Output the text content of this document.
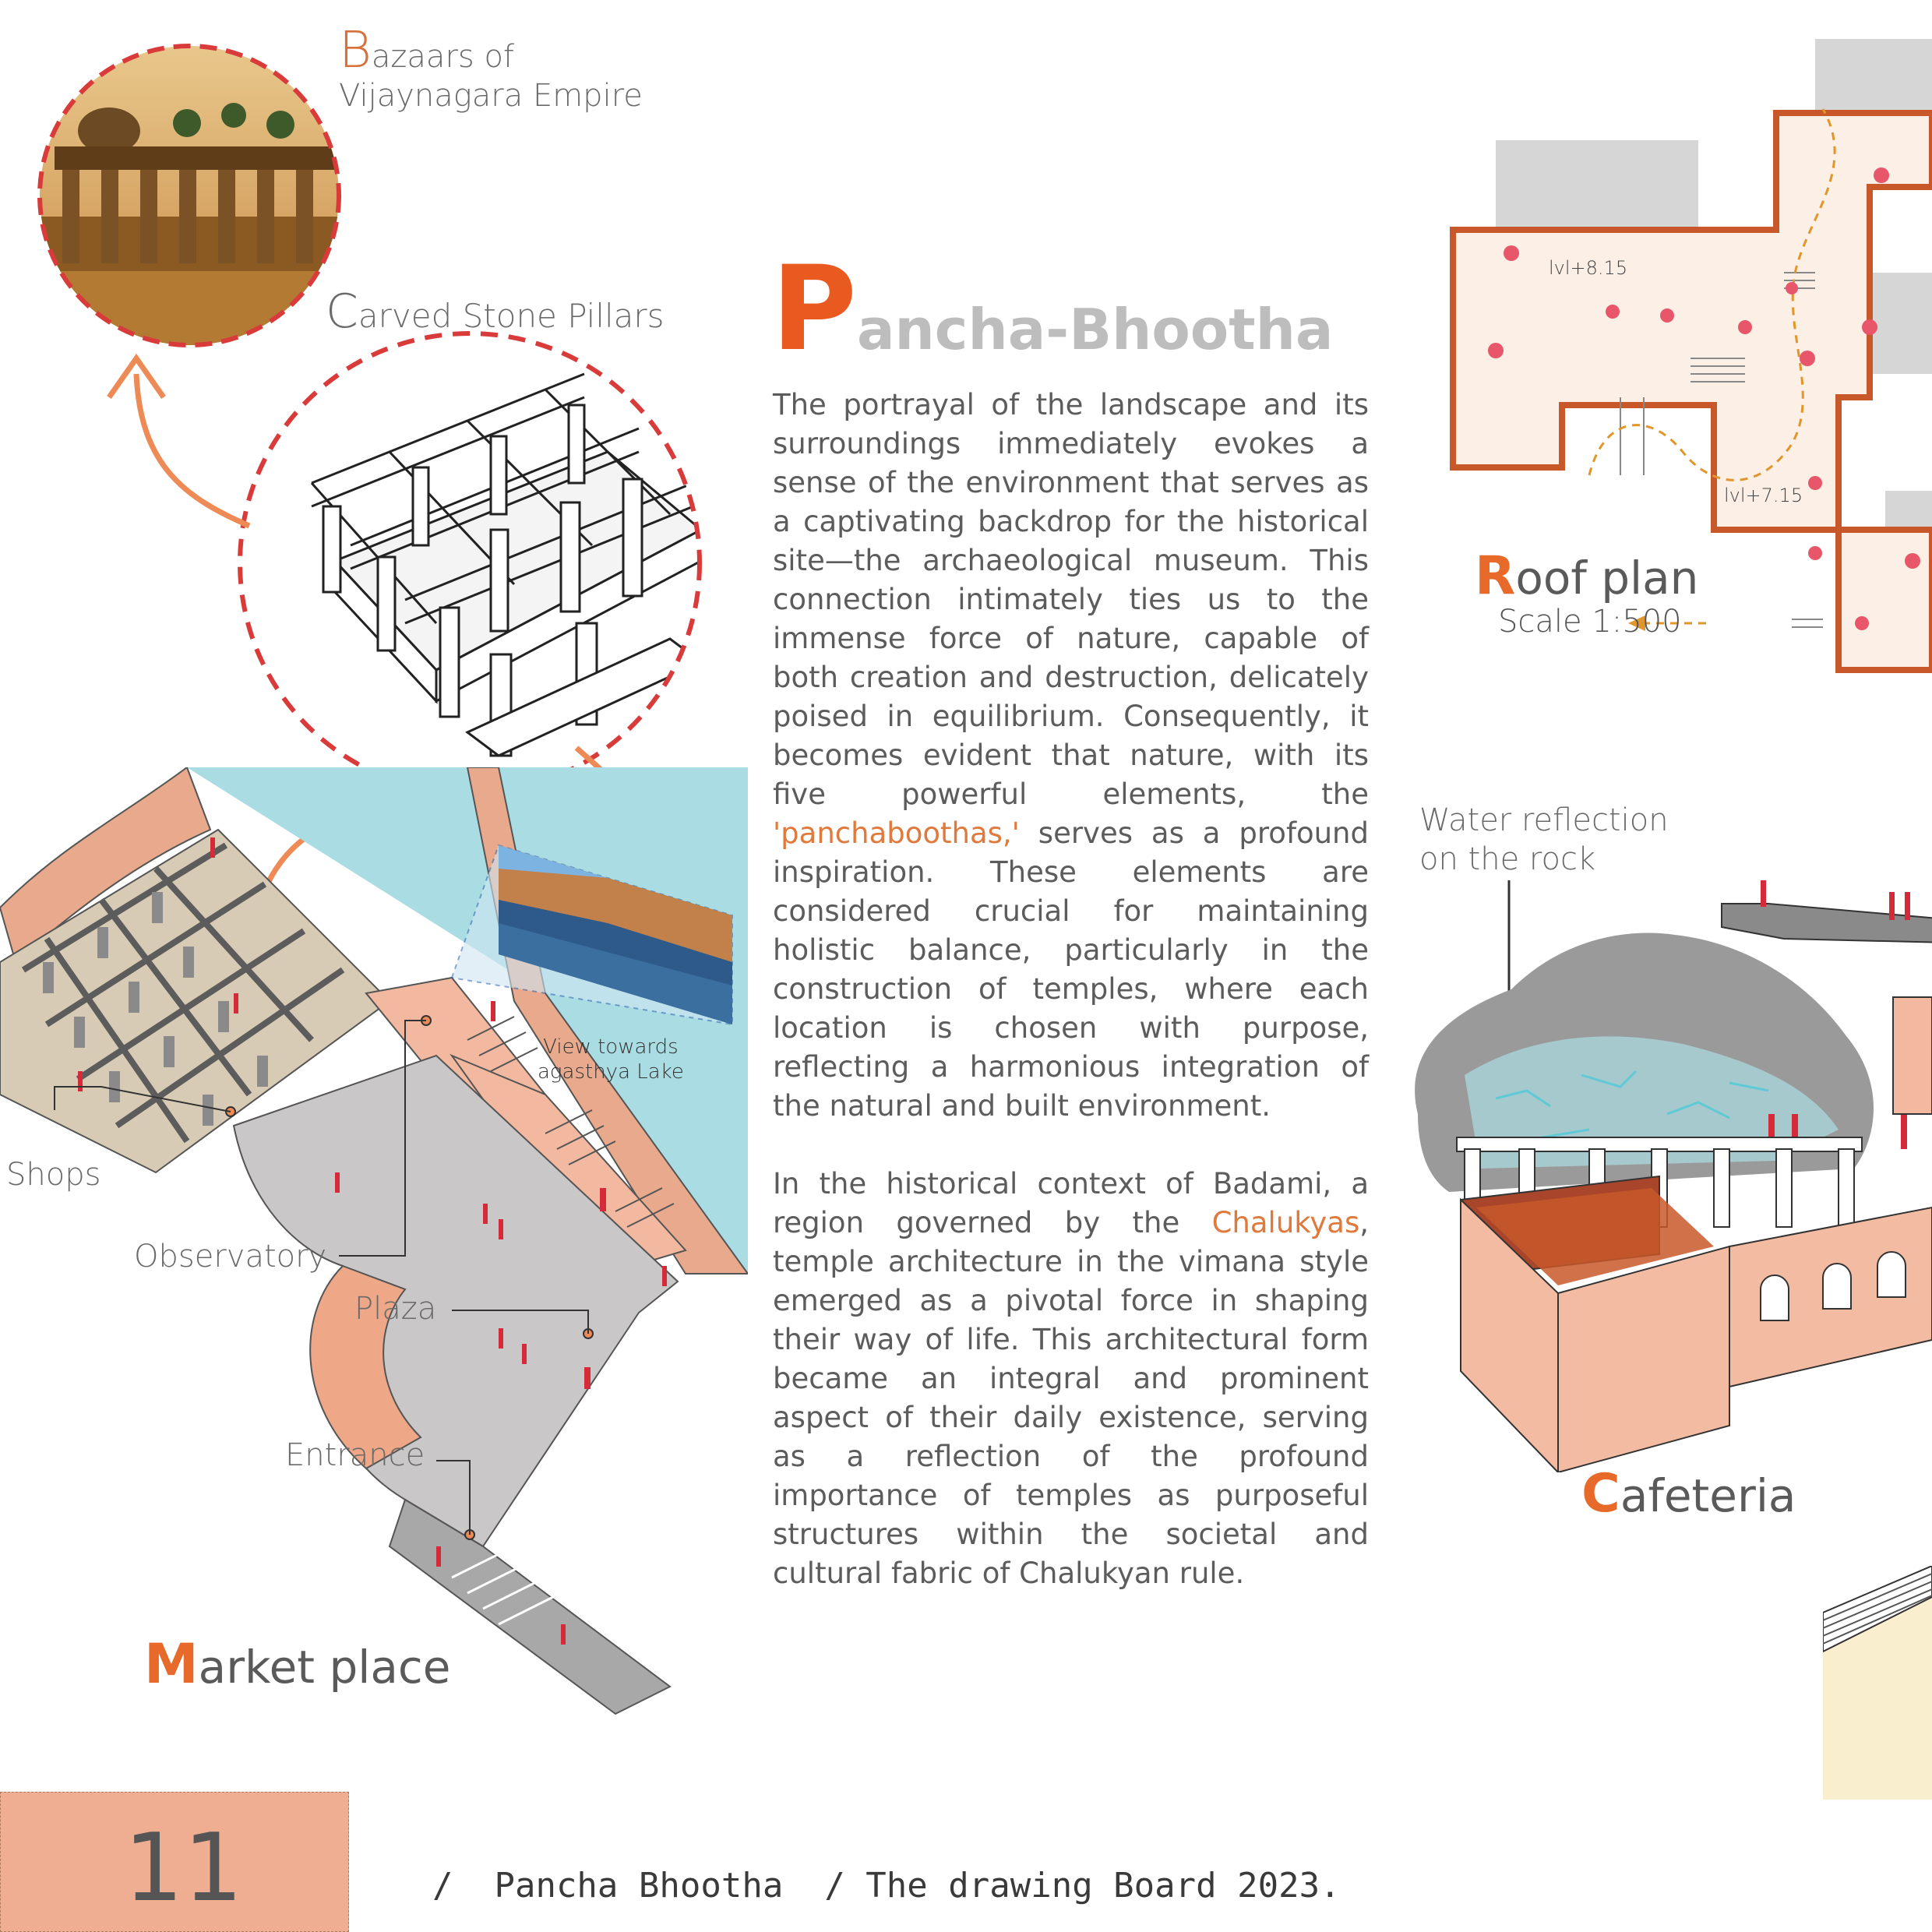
Bazaars of
Vijaynagara Empire
Carved Stone Pillars
View towards
agasthya Lake
Shops
Observatory
Plaza
Entrance
Market place
Pancha-Bhootha

The portrayal of the landscape and its surroundings immediately evokes a sense of the environment that serves as a captivating backdrop for the historical site—the archaeological museum. This connection intimately ties us to the immense force of nature, capable of both creation and destruction, delicately poised in equilibrium. Consequently, it becomes evident that nature, with its five powerful elements, the 'panchaboothas,' serves as a profound inspiration. These elements are considered crucial for maintaining holistic balance, particularly in the construction of temples, where each location is chosen with purpose, reflecting a harmonious integration of the natural and built environment.

In the historical context of Badami, a region governed by the Chalukyas, temple architecture in the vimana style emerged as a pivotal force in shaping their way of life. This architectural form became an integral and prominent aspect of their daily existence, serving as a reflection of the profound importance of temples as purposeful structures within the societal and cultural fabric of Chalukyan rule.

lvl+8.15
lvl+7.15
Roof plan
Scale 1:500
Water reflection
on the rock
Cafeteria
11	/  Pancha Bhootha  / The drawing Board 2023.
